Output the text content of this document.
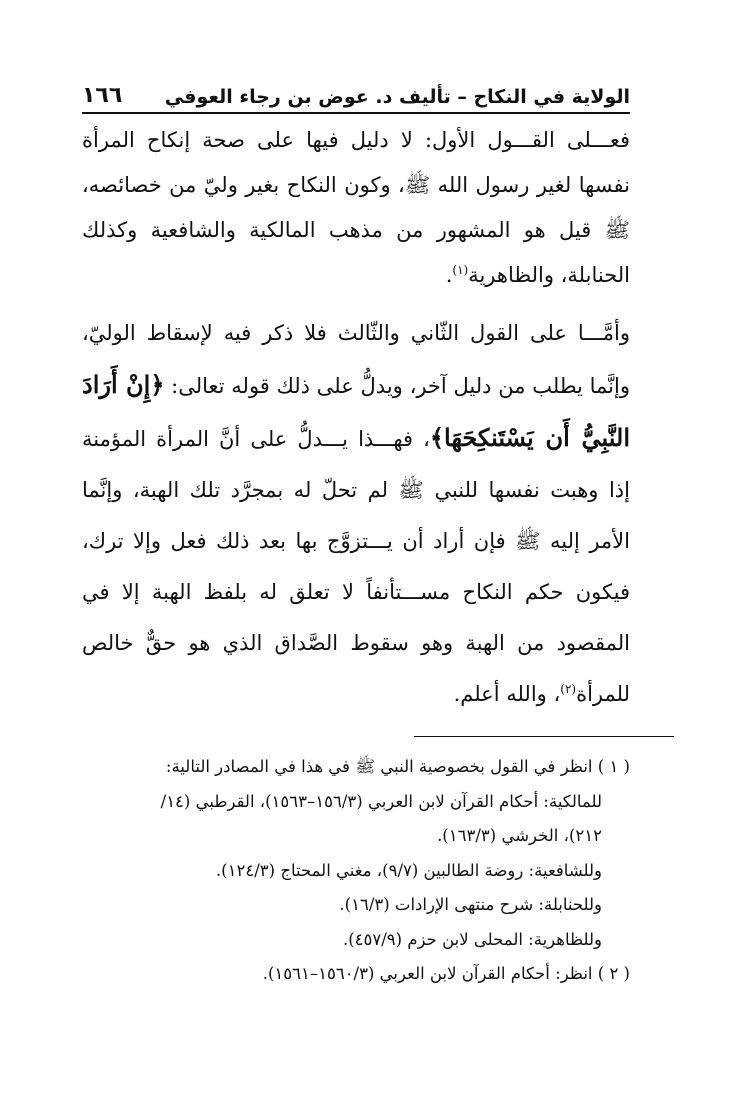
الولاية في النكاح – تأليف د. عوض بن رجاء العوفي
١٦٦

فعـــلى القـــول الأول: لا دليل فيها على صحة إنكاح المرأة نفسها لغير رسول الله ﷺ، وكون النكاح بغير وليّ من خصائصه، ﷺ قيل هو المشهور من مذهب المالكية والشافعية وكذلك الحنابلة، والظاهرية$^{(١)}$.

وأمَّـــا على القول الثّاني والثّالث فلا ذكر فيه لإسقاط الوليّ، وإنَّما يطلب من دليل آخر، ويدلُّ على ذلك قوله تعالى: ﴿إِنْ أَرَادَ النَّبِيُّ أَن يَسْتَنكِحَهَا﴾، فهـــذا يـــدلُّ على أنَّ المرأة المؤمنة إذا وهبت نفسها للنبي ﷺ لم تحلّ له بمجرَّد تلك الهبة، وإنَّما الأمر إليه ﷺ فإن أراد أن يـــتزوَّج بها بعد ذلك فعل وإلا ترك، فيكون حكم النكاح مســـتأنفاً لا تعلق له بلفظ الهبة إلا في المقصود من الهبة وهو سقوط الصَّداق الذي هو حقٌّ خالص للمرأة$^{(٢)}$، والله أعلم.

( ١ ) انظر في القول بخصوصية النبي ﷺ في هذا في المصادر التالية:

للمالكية: أحكام القرآن لابن العربي (١٥٦/٣–١٥٦٣)، القرطبي (١٤/

٢١٢)، الخرشي (١٦٣/٣).

وللشافعية: روضة الطالبين (٩/٧)، مغني المحتاج (١٢٤/٣).

وللحنابلة: شرح منتهى الإرادات (١٦/٣).

وللظاهرية: المحلى لابن حزم (٤٥٧/٩).

( ٢ ) انظر: أحكام القرآن لابن العربي (١٥٦٠/٣–١٥٦١).
